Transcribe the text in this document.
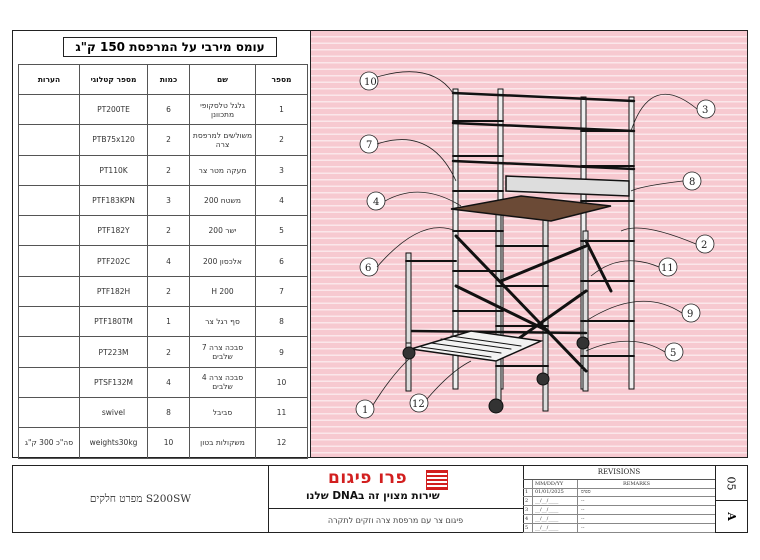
עומס מירבי על המרפסת 150 ק"ג
מספר	שם	כמות	מספר קטלוגי	הערות
1	גלגל טלסקופי מתכוונן	6	PT200TE	
2	משולשים למרפסת צרה	2	PTB75x120	
3	מעקה מטר צר	2	PT110K	
4	משטח 200	3	PTF183KPN	
5	ישר 200	2	PTF182Y	
6	אלכסון 200	4	PTF202C	
7	H 200	2	PTF182H	
8	סף רגל צר	1	PTF180TM	
9	סבכה צרה 7 שלבים	2	PT223M	
10	סבכה צרה 4 שלבים	4	PTSF132M	
11	סביבל	8	swivel	
12	משקולות בטון	10	weights30kg	סה"כ 300 ק"ג
10
3
7
8
4
2
6	11
9
5
12
1
S200SW מפרט חלקים
פרו פיגום
שירות מצוין זה בDNA שלנו
פיגום צר עם מרפסת צרה וזקים לתקרה
REVISIONS
MM/DD/YY	REMARKS
1	01/01/2025	ספיס
2	__/__/____	--
3	__/__/____	--
4	__/__/____	--
5	__/__/____	--
05
A
